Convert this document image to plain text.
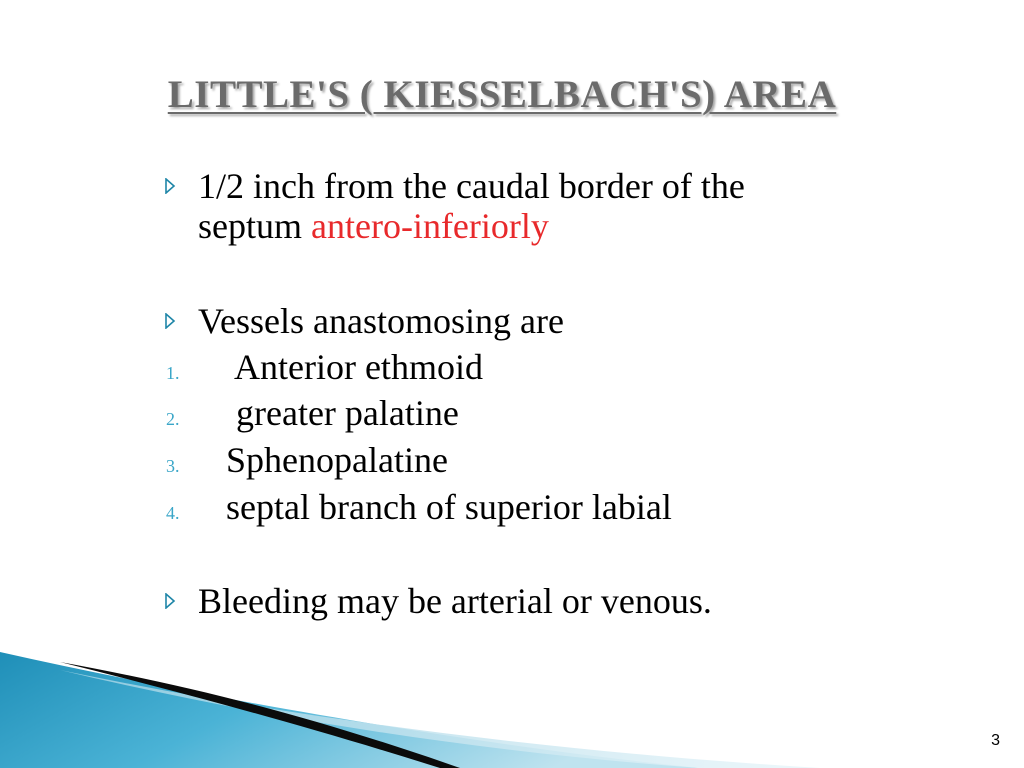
LITTLE'S ( KIESSELBACH'S) AREA
1/2 inch from the caudal border of the
septum antero-inferiorly
Vessels anastomosing are
1.	Anterior ethmoid
2.	greater palatine
3.	Sphenopalatine
4.	septal branch of superior labial
Bleeding may be arterial or venous.
3
